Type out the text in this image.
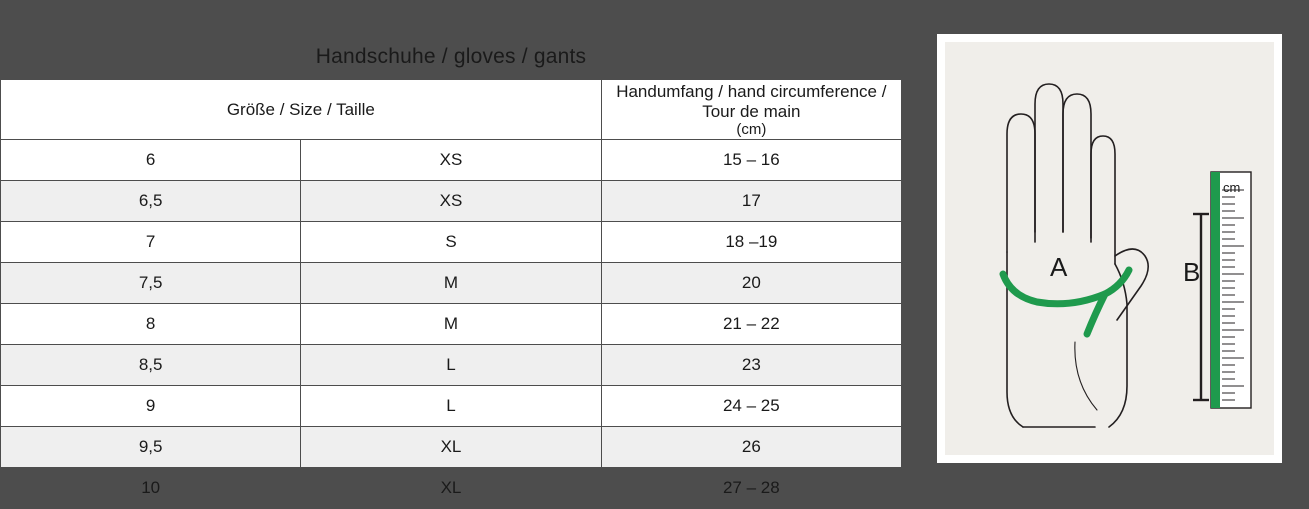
Handschuhe / gloves / gants		
Größe / Size / Taille		Handumfang / hand circumference / Tour de main
(cm)

6	XS	15 – 16
6,5	XS	17
7	S	18 –19
7,5	M	20
8	M	21 – 22
8,5	L	23
9	L	24 – 25
9,5	XL	26
10	XL	27 – 28
A	B
cm
